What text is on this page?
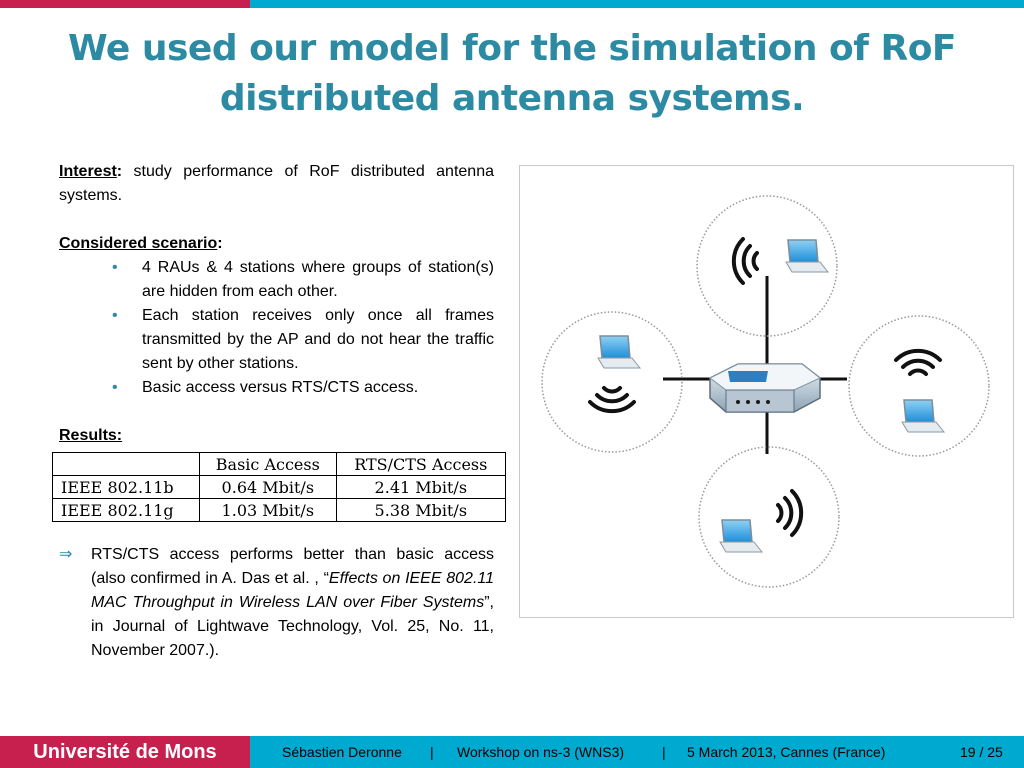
We used our model for the simulation of RoF distributed antenna systems.

Interest: study performance of RoF distributed antenna systems.

Considered scenario:

• 4 RAUs & 4 stations where groups of station(s) are hidden from each other.
• Each station receives only once all frames transmitted by the AP and do not hear the traffic sent by other stations.
• Basic access versus RTS/CTS access.

Results:

	Basic Access	RTS/CTS Access
IEEE 802.11b	0.64 Mbit/s	2.41 Mbit/s
IEEE 802.11g	1.03 Mbit/s	5.38 Mbit/s
⇒ RTS/CTS access performs better than basic access (also confirmed in A. Das et al. , “Effects on IEEE 802.11 MAC Throughput in Wireless LAN over Fiber Systems”, in Journal of Lightwave Technology, Vol. 25, No. 11, November 2007.).

Université de Mons	Sébastien Deronne | Workshop on ns-3 (WNS3)	| 5 March 2013, Cannes (France)	19 / 25
